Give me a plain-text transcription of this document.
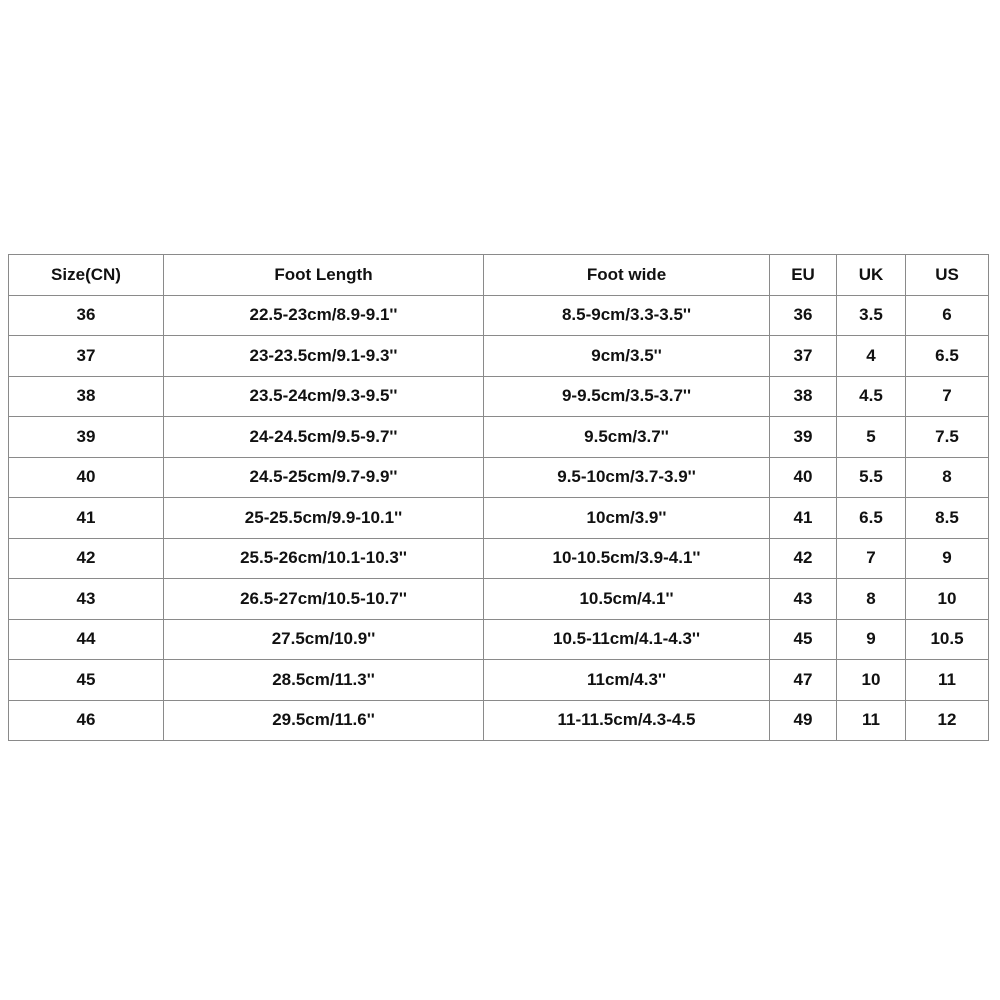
Size(CN)	Foot Length	Foot wide	EU	UK	US
36	22.5-23cm/8.9-9.1''	8.5-9cm/3.3-3.5''	36	3.5	6
37	23-23.5cm/9.1-9.3''	9cm/3.5''	37	4	6.5
38	23.5-24cm/9.3-9.5''	9-9.5cm/3.5-3.7''	38	4.5	7
39	24-24.5cm/9.5-9.7''	9.5cm/3.7''	39	5	7.5
40	24.5-25cm/9.7-9.9''	9.5-10cm/3.7-3.9''	40	5.5	8
41	25-25.5cm/9.9-10.1''	10cm/3.9''	41	6.5	8.5
42	25.5-26cm/10.1-10.3''	10-10.5cm/3.9-4.1''	42	7	9
43	26.5-27cm/10.5-10.7''	10.5cm/4.1''	43	8	10
44	27.5cm/10.9''	10.5-11cm/4.1-4.3''	45	9	10.5
45	28.5cm/11.3''	11cm/4.3''	47	10	11
46	29.5cm/11.6''	11-11.5cm/4.3-4.5	49	11	12
